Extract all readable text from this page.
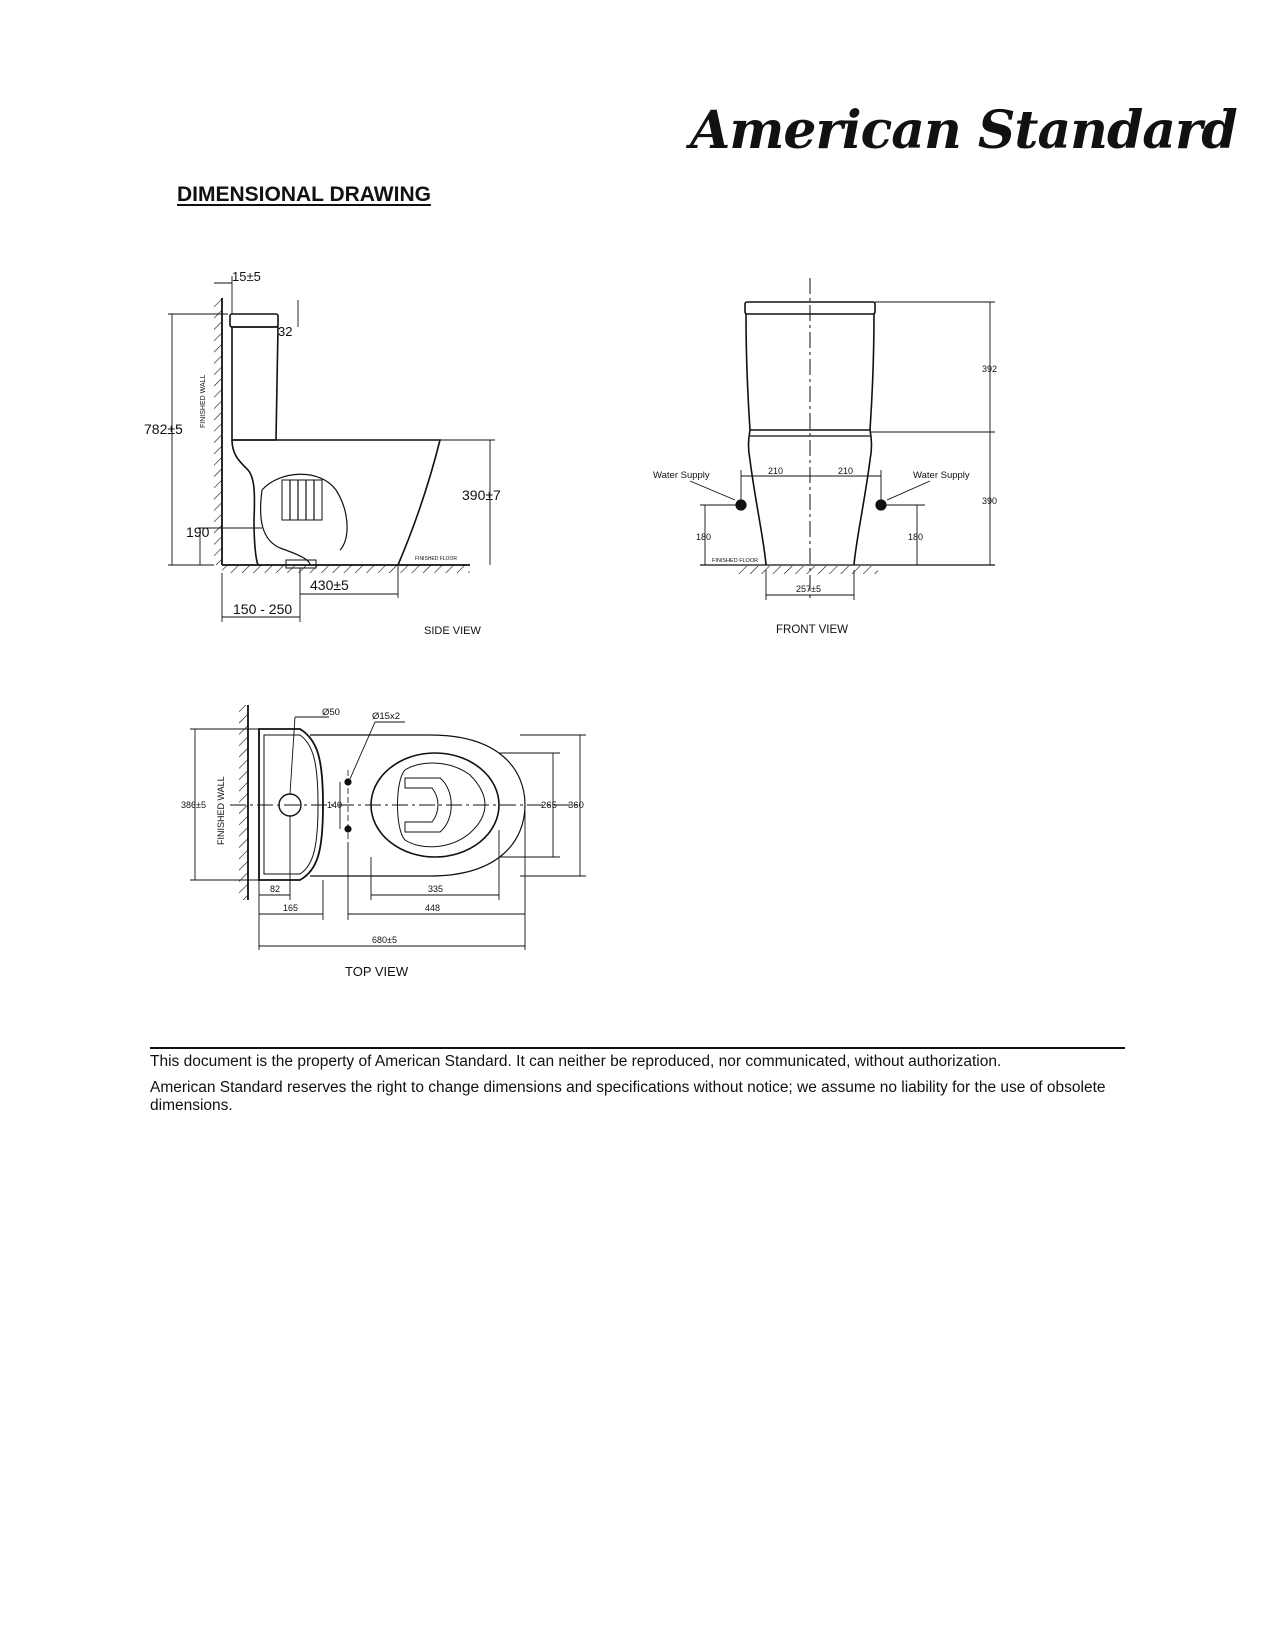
American Standard
DIMENSIONAL DRAWING
15±5
32
782±5
390±7
190
430±5
150 - 250
FINISHED WALL
FINISHED FLOOR
SIDE VIEW
392
390
Water Supply	Water Supply
210	210
180	180
FINISHED FLOOR
257±5
FRONT VIEW
FINISHED WALL
386±5
Ø50	Ø15x2
140	265 360
82
165
335
448
680±5
TOP VIEW
This document is the property of American Standard. It can neither be reproduced, nor communicated, without authorization.
American Standard reserves the right to change dimensions and specifications without notice; we assume no liability for the use of obsolete dimensions.
